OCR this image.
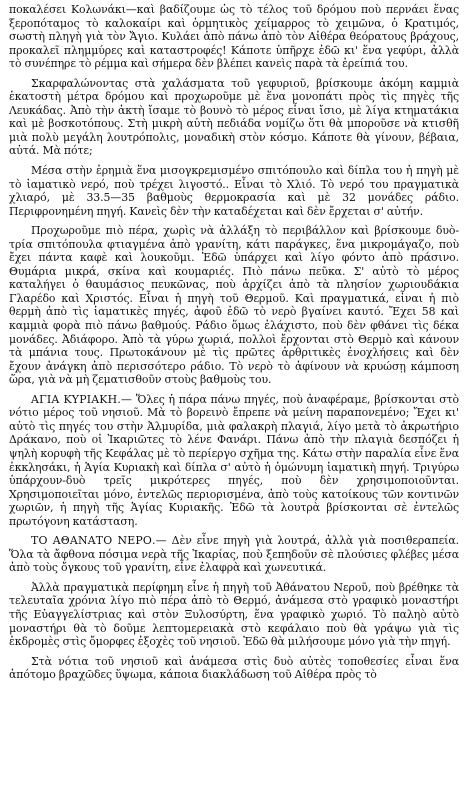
ποκαλέσει Κολωνάκι—καὶ βαδίζουμε ὡς τὸ τέλος τοῦ δρόμου ποὺ περνάει ἕνας ξεροπόταμος τὸ καλοκαίρι καὶ ὁρμητικὸς χείμαρρος τὸ χειμῶνα, ὁ Κρατιμός, σωστὴ πληγὴ γιὰ τὸν Ἄγιο. Κυλάει ἀπὸ πάνω ἀπὸ τὸν Αἰθέρα θεόρατους βράχους, προκαλεῖ πλημμύρες καὶ καταστροφές! Κάποτε ὑπῆρχε ἐδῶ κι' ἕνα γεφύρι, ἀλλὰ τὸ συνέπηρε τὸ ρέμμα καὶ σήμερα δὲν βλέπει κανεὶς παρὰ τὰ ἐρείπιά του.

Σκαρφαλώνοντας στὰ χαλάσματα τοῦ γεφυριοῦ, βρίσκουμε ἀκόμη καμμιὰ ἑκατοστὴ μέτρα δρόμου καὶ προχωροῦμε μὲ ἕνα μονοπάτι πρὸς τὶς πηγὲς τῆς Λευκάδας. Ἀπὸ τὴν ἀκτὴ ἴσαμε τὸ βουνὸ τὸ μέρος εἶναι ἴσιο, μὲ λίγα κτηματάκια καὶ μὲ βοσκοτόπους. Στὴ μικρὴ αὐτὴ πεδιάδα νομίζω ὅτι θὰ μποροῦσε νὰ κτισθῆ μιὰ πολὺ μεγάλη λουτρόπολις, μοναδικὴ στὸν κόσμο. Κάποτε θὰ γίνουν, βέβαια, αὐτά. Μὰ πότε;

Μέσα στὴν ἐρημιὰ ἕνα μισογκρεμισμένο σπιτόπουλο καὶ δίπλα του ἡ πηγὴ μὲ τὸ ἰαματικὸ νερό, ποὺ τρέχει λιγοστό.. Εἶναι τὸ Χλιό. Τὸ νερό του πραγματικὰ χλιαρό, μὲ 33.5—35 βαθμοὺς θερμοκρασία καὶ μὲ 32 μονάδες ράδιο. Περιφρονημένη πηγή. Κανεὶς δὲν τὴν καταδέχεται καὶ δὲν ἔρχεται σ' αὐτήν.

Προχωροῦμε πιὸ πέρα, χωρὶς νὰ ἀλλάξη τὸ περιβάλλον καὶ βρίσκουμε δυὸ-τρία σπιτόπουλα φτιαγμένα ἀπὸ γρανίτη, κάτι παράγκες, ἕνα μικρομάγαζο, ποὺ ἔχει πάντα καφὲ καὶ λουκοῦμι. Ἐδῶ ὑπάρχει καὶ λίγο φόντο ἀπὸ πράσινο. Θυμάρια μικρά, σκίνα καὶ κουμαριές. Πιὸ πάνω πεῦκα. Σ' αὐτὸ τὸ μέρος καταλήγει ὁ θαυμάσιος πευκῶνας, ποὺ ἀρχίζει ἀπὸ τὰ πλησίον χωριουδάκια Γλαρέδο καὶ Χριστός. Εἶναι ἡ πηγὴ τοῦ Θερμοῦ. Καὶ πραγματικά, εἶναι ἡ πιὸ θερμὴ ἀπὸ τὶς ἰαματικὲς πηγές, ἀφοῦ ἐδῶ τὸ νερὸ βγαίνει καυτό. Ἔχει 58 καὶ καμμιὰ φορὰ πιὸ πάνω βαθμούς. Ράδιο ὅμως ἐλάχιστο, ποὺ δὲν φθάνει τὶς δέκα μονάδες. Ἀδιάφορο. Ἀπὸ τὰ γύρω χωριά, πολλοὶ ἔρχονται στὸ Θερμὸ καὶ κάνουν τὰ μπάνια τους. Πρωτοκάνουν μὲ τὶς πρῶτες ἀρθριτικὲς ἐνοχλήσεις καὶ δὲν ἔχουν ἀνάγκη ἀπὸ περισσότερο ράδιο. Τὸ νερὸ τὸ ἀφίνουν νὰ κρυώσῃ κάμποση ὥρα, γιὰ νὰ μὴ ζεματισθοῦν στοὺς βαθμοὺς του.

ΑΓΙΑ ΚΥΡΙΑΚΗ.— Ὅλες ἡ πάρα πάνω πηγές, ποὺ ἀναφέραμε, βρίσκονται στὸ νότιο μέρος τοῦ νησιοῦ. Μὰ τὸ βορεινὸ ἔπρεπε νὰ μείνη παραπονεμένο; Ἔχει κι' αὐτὸ τὶς πηγές του στὴν Ἀλμυρίδα, μιὰ φαλακρὴ πλαγιά, λίγο μετὰ τὸ ἀκρωτήριο Δράκανο, ποὺ οἱ Ἰκαριῶτες τὸ λένε Φανάρι. Πάνω ἀπὸ τὴν πλαγιὰ δεσπόζει ἡ ψηλὴ κορυφὴ τῆς Κεφάλας μὲ τὸ περίεργο σχῆμα της. Κάτω στὴν παραλία εἶνε ἕνα ἐκκλησάκι, ἡ Ἁγία Κυριακὴ καὶ δίπλα σ' αὐτὸ ἡ ὁμώνυμη ἰαματικὴ πηγή. Τριγύρω ὑπάρχουν-δυὸ τρεῖς μικρότερες πηγές, ποὺ δὲν χρησιμοποιοῦνται. Χρησιμοποιεῖται μόνο, ἐντελῶς περιορισμένα, ἀπὸ τοὺς κατοίκους τῶν κοντινῶν χωριῶν, ἡ πηγὴ τῆς Ἁγίας Κυριακῆς. Ἐδῶ τὰ λουτρὰ βρίσκονται σὲ ἐντελῶς πρωτόγονη κατάσταση.

ΤΟ ΑΘΑΝΑΤΟ ΝΕΡΟ.— Δὲν εἶνε πηγὴ γιὰ λουτρά, ἀλλὰ γιὰ ποσιθεραπεία. Ὅλα τὰ ἄφθονα πόσιμα νερὰ τῆς Ἰκαρίας, ποὺ ξεπηδοῦν σὲ πλούσιες φλέβες μέσα ἀπὸ τοὺς ὄγκους τοῦ γρανίτη, εἶνε ἐλαφρὰ καὶ χωνευτικά.

Ἀλλὰ πραγματικὰ περίφημη εἶνε ἡ πηγὴ τοῦ Ἀθάνατου Νεροῦ, ποὺ βρέθηκε τὰ τελευταῖα χρόνια λίγο πιὸ πέρα ἀπὸ τὸ Θερμό, ἀνάμεσα στὸ γραφικὸ μοναστήρι τῆς Εὐαγγελίστριας καὶ στὸν Ξυλοσύρτη, ἕνα γραφικὸ χωριό. Τὸ παληὸ αὐτὸ μοναστήρι θὰ τὸ δοῦμε λεπτομερειακὰ στὸ κεφάλαιο ποὺ θὰ γράψω γιὰ τὶς ἐκδρομὲς στὶς ὄμορφες ἐξοχὲς τοῦ νησιοῦ. Ἐδῶ θὰ μιλήσουμε μόνο γιὰ τὴν πηγή.

Στὰ νότια τοῦ νησιοῦ καὶ ἀνάμεσα στὶς δυὸ αὐτὲς τοποθεσίες εἶναι ἕνα ἀπότομο βραχῶδες ὕψωμα, κάποια διακλάδωση τοῦ Αἰθέρα πρὸς τὸ
